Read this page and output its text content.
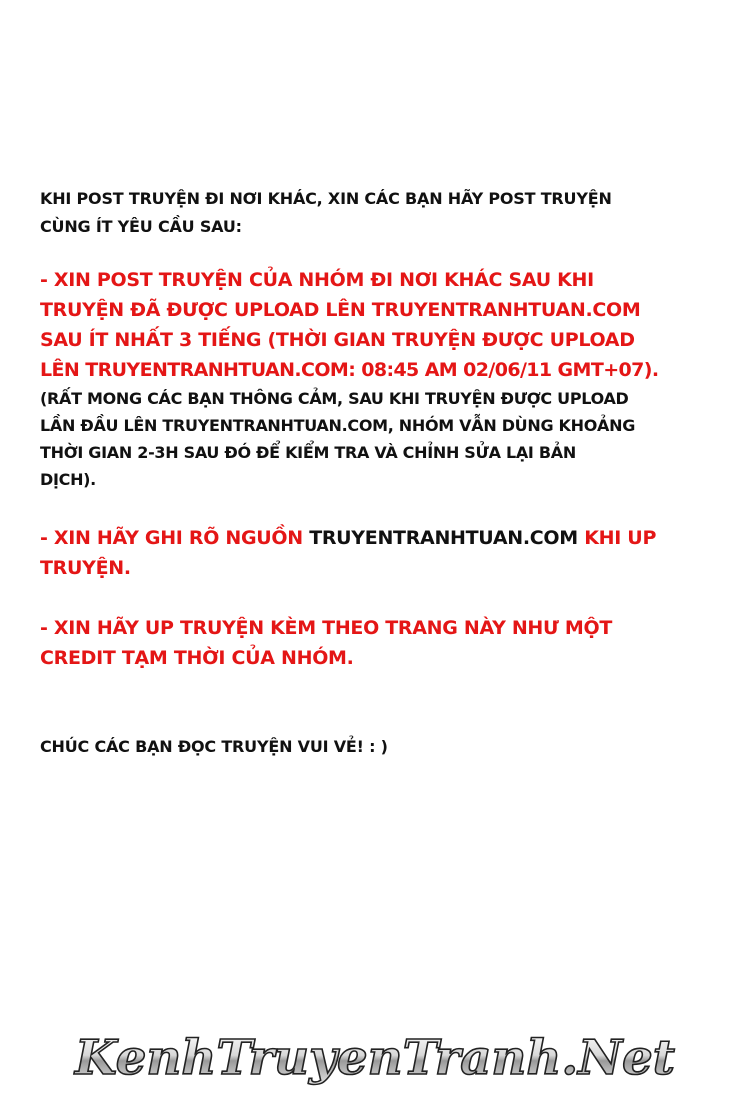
KHI POST TRUYỆN ĐI NƠI KHÁC, XIN CÁC BẠN HÃY POST TRUYỆN
CÙNG ÍT YÊU CẦU SAU:
- XIN POST TRUYỆN CỦA NHÓM ĐI NƠI KHÁC SAU KHI
TRUYỆN ĐÃ ĐƯỢC UPLOAD LÊN TRUYENTRANHTUAN.COM
SAU ÍT NHẤT 3 TIẾNG (THỜI GIAN TRUYỆN ĐƯỢC UPLOAD
LÊN TRUYENTRANHTUAN.COM: 08:45 AM 02/06/11 GMT+07).
(RẤT MONG CÁC BẠN THÔNG CẢM, SAU KHI TRUYỆN ĐƯỢC UPLOAD
LẦN ĐẦU LÊN TRUYENTRANHTUAN.COM, NHÓM VẪN DÙNG KHOẢNG
THỜI GIAN 2-3H SAU ĐÓ ĐỂ KIỂM TRA VÀ CHỈNH SỬA LẠI BẢN
DỊCH).
- XIN HÃY GHI RÕ NGUỒN TRUYENTRANHTUAN.COM KHI UP
TRUYỆN.
- XIN HÃY UP TRUYỆN KÈM THEO TRANG NÀY NHƯ MỘT
CREDIT TẠM THỜI CỦA NHÓM.
CHÚC CÁC BẠN ĐỌC TRUYỆN VUI VẺ! : )
KenhTruyenTranh.Net
